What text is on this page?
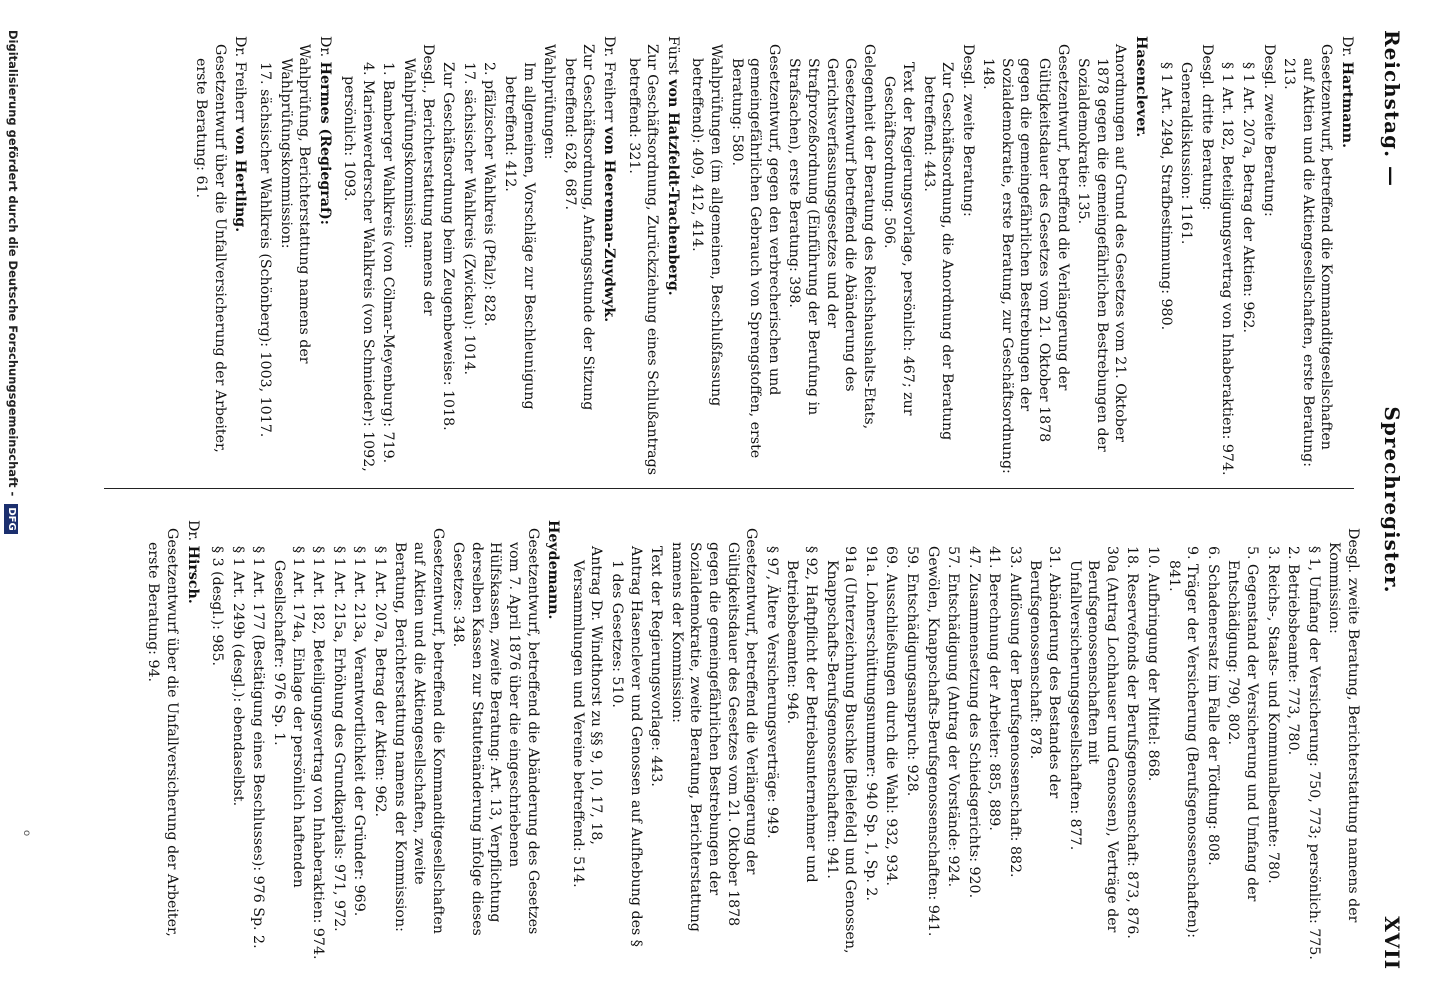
Reichstag. —
Sprechregister.
XVII
Dr. Hartmann.
Gesetzentwurf, betreffend die Kommanditgesellschaften auf Aktien und die Aktiengesellschaften, erste Beratung: 213.
Desgl. zweite Beratung:
§ 1 Art. 207a, Betrag der Aktien: 962.
§ 1 Art. 182, Beteiligungsvertrag von Inhaberaktien: 974.
Desgl. dritte Beratung:
Generaldiskussion: 1161.
§ 1 Art. 249d, Strafbestimmung: 980.
Hasenclever.
Anordnungen auf Grund des Gesetzes vom 21. Oktober 1878 gegen die gemeingefährlichen Bestrebungen der Sozialdemokratie: 135.
Gesetzentwurf, betreffend die Verlängerung der Gültigkeitsdauer des Gesetzes vom 21. Oktober 1878 gegen die gemeingefährlichen Bestrebungen der Sozialdemokratie, erste Beratung, zur Geschäftsordnung: 148.
Desgl. zweite Beratung:
Zur Geschäftsordnung, die Anordnung der Beratung betreffend: 443.
Text der Regierungsvorlage, persönlich: 467; zur Geschäftsordnung: 506.
Gelegenheit der Beratung des Reichshaushalts-Etats, Gesetzentwurf betreffend die Abänderung des Gerichtsverfassungsgesetzes und der Strafprozeßordnung (Einführung der Berufung in Strafsachen), erste Beratung: 398.
Gesetzentwurf, gegen den verbrecherischen und gemeingefährlichen Gebrauch von Sprengstoffen, erste Beratung: 580.
Wahlprüfungen (im allgemeinen, Beschlußfassung betreffend): 409, 412, 414.
Fürst von Hatzfeldt-Trachenberg.
Zur Geschäftsordnung, Zurückziehung eines Schlußantrags betreffend: 321.
Dr. Freiherr von Heereman-Zuydwyk.
Zur Geschäftsordnung, Anfangsstunde der Sitzung betreffend: 628, 687.
Wahlprüfungen:
Im allgemeinen, Vorschläge zur Beschleunigung betreffend: 412.
2. pfälzischer Wahlkreis (Pfalz): 828.
17. sächsischer Wahlkreis (Zwickau): 1014.
Zur Geschäftsordnung beim Zeugenbeweise: 1018.
Desgl., Berichterstattung namens der Wahlprüfungskommission:
1. Bamberger Wahlkreis (von Cölmar-Meyenburg): 719.
4. Marienwerderscher Wahlkreis (von Schmieder): 1092, persönlich: 1093.
Dr. Hermes (Regiegraf):
Wahlprüfung, Berichterstattung namens der Wahlprüfungskommission:
17. sächsischer Wahlkreis (Schönberg): 1003, 1017.
Dr. Freiherr von Hertling.
Gesetzentwurf über die Unfallversicherung der Arbeiter, erste Beratung: 61.
Desgl. zweite Beratung, Berichterstattung namens der Kommission:
§ 1, Umfang der Versicherung: 750, 773; persönlich: 775.
2. Betriebsbeamte: 773, 780.
3. Reichs-, Staats- und Kommunalbeamte: 780.
5. Gegenstand der Versicherung und Umfang der Entschädigung: 790, 802.
6. Schadenersatz im Falle der Tödtung: 808.
9. Träger der Versicherung (Berufsgenossenschaften): 841.
10. Aufbringung der Mittel: 868.
18. Reservefonds der Berufsgenossenschaft: 873, 876.
30a (Antrag Lochhauser und Genossen), Verträge der Berufsgenossenschaften mit Unfallversicherungsgesellschaften: 877.
31. Abänderung des Bestandes der Berufsgenossenschaft: 878.
33. Auflösung der Berufsgenossenschaft: 882.
41. Berechnung der Arbeiter: 885, 889.
47. Zusammensetzung des Schiedsgerichts: 920.
57. Entschädigung (Antrag der Vorstände: 924.
Gewölen, Knappschafts-Berufsgenossenschaften: 941.
59. Entschädigungsanspruch: 928.
69. Ausschließungen durch die Wahl: 932, 934.
91a. Lohnerschüttungsnummer: 940 Sp. 1, Sp. 2.
91a (Unterzeichnung Buschke [Bielefeld] und Genossen, Knappschafts-Berufsgenossenschaften: 941.
§ 92, Haftpflicht der Betriebsunternehmer und Betriebsbeamten: 946.
§ 97, Ältere Versicherungsverträge: 949.
Gesetzentwurf, betreffend die Verlängerung der Gültigkeitsdauer des Gesetzes vom 21. Oktober 1878 gegen die gemeingefährlichen Bestrebungen der Sozialdemokratie, zweite Beratung, Berichterstattung namens der Kommission:
Text der Regierungsvorlage: 443.
Antrag Hasenclever und Genossen auf Aufhebung des § 1 des Gesetzes: 510.
Antrag Dr. Windthorst zu §§ 9, 10, 17, 18, Versammlungen und Vereine betreffend: 514.
Heydemann.
Gesetzentwurf, betreffend die Abänderung des Gesetzes vom 7. April 1876 über die eingeschriebenen Hülfskassen, zweite Beratung: Art. 13, Verpflichtung derselben Kassen zur Statutenänderung infolge dieses Gesetzes: 348.
Gesetzentwurf, betreffend die Kommanditgesellschaften auf Aktien und die Aktiengesellschaften, zweite Beratung, Berichterstattung namens der Kommission:
§ 1 Art. 207a, Betrag der Aktien: 962.
§ 1 Art. 213a, Verantwortlichkeit der Gründer: 969.
§ 1 Art. 215a, Erhöhung des Grundkapitals: 971, 972.
§ 1 Art. 182, Beteiligungsvertrag von Inhaberaktien: 974.
§ 1 Art. 174a, Einlage der persönlich haftenden Gesellschafter: 976 Sp. 1.
§ 1 Art. 177 (Bestätigung eines Beschlusses): 976 Sp. 2.
§ 1 Art. 249b (desgl.): ebendaselbst.
§ 3 (desgl.): 985.
Dr. Hirsch.
Gesetzentwurf über die Unfallversicherung der Arbeiter, erste Beratung: 94.
Digitalisierung gefördert durch die Deutsche Forschungsgemeinschaft - DFG
o
